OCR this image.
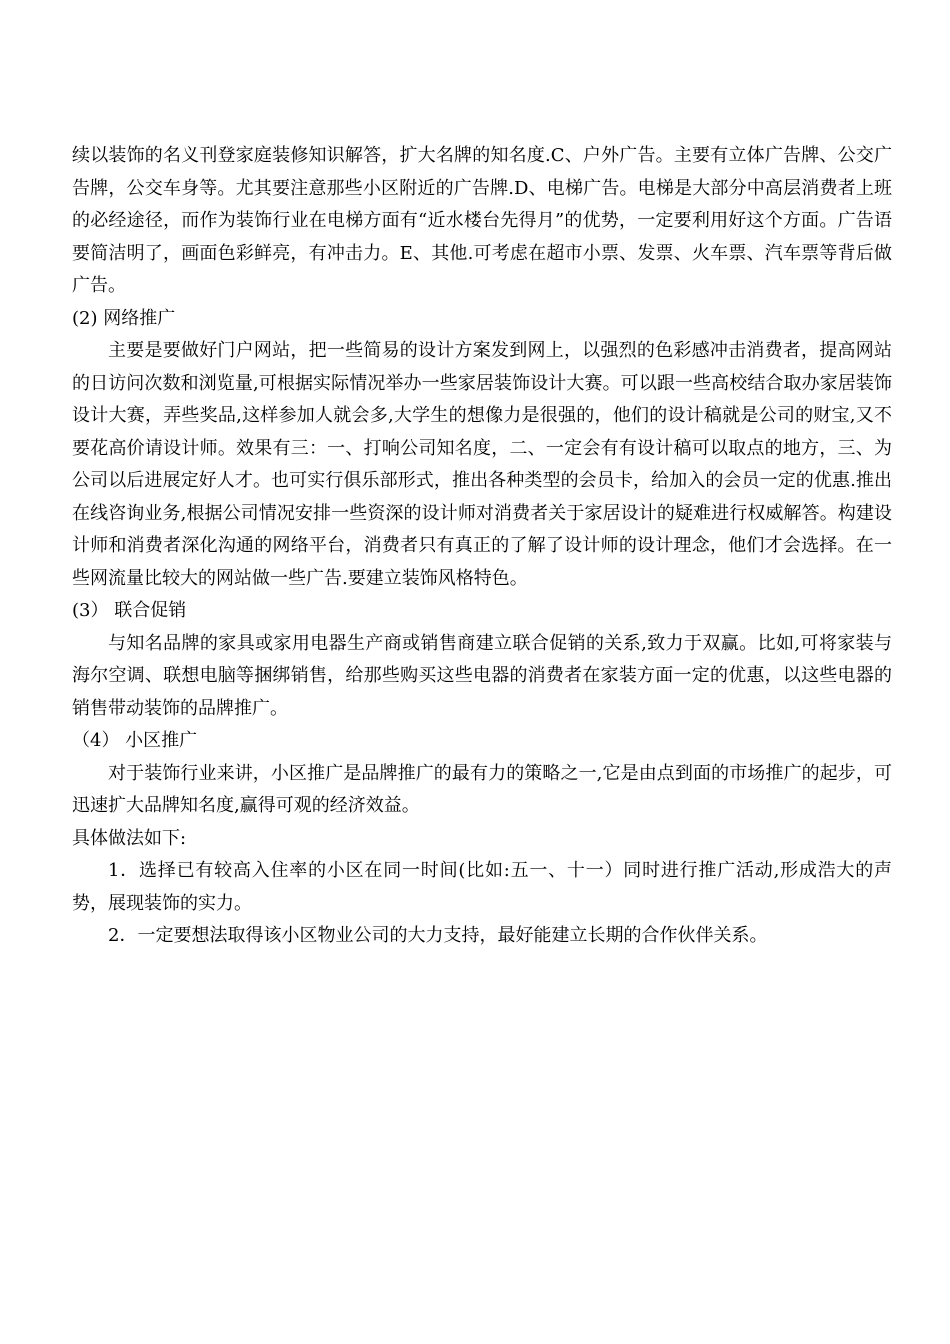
续以装饰的名义刊登家庭装修知识解答，扩大名牌的知名度.C、户外广告。主要有立体广告牌、公交广告牌，公交车身等。尤其要注意那些小区附近的广告牌.D、电梯广告。电梯是大部分中高层消费者上班的必经途径，而作为装饰行业在电梯方面有“近水楼台先得月”的优势，一定要利用好这个方面。广告语要简洁明了，画面色彩鲜亮，有冲击力。E、其他.可考虑在超市小票、发票、火车票、汽车票等背后做广告。

(2) 网络推广

主要是要做好门户网站，把一些简易的设计方案发到网上，以强烈的色彩感冲击消费者，提高网站的日访问次数和浏览量,可根据实际情况举办一些家居装饰设计大赛。可以跟一些高校结合取办家居装饰设计大赛，弄些奖品,这样参加人就会多,大学生的想像力是很强的，他们的设计稿就是公司的财宝,又不要花高价请设计师。效果有三：一、打响公司知名度，二、一定会有有设计稿可以取点的地方，三、为公司以后进展定好人才。也可实行俱乐部形式，推出各种类型的会员卡，给加入的会员一定的优惠.推出在线咨询业务,根据公司情况安排一些资深的设计师对消费者关于家居设计的疑难进行权威解答。构建设计师和消费者深化沟通的网络平台，消费者只有真正的了解了设计师的设计理念，他们才会选择。在一些网流量比较大的网站做一些广告.要建立装饰风格特色。

(3） 联合促销

与知名品牌的家具或家用电器生产商或销售商建立联合促销的关系,致力于双赢。比如,可将家装与海尔空调、联想电脑等捆绑销售，给那些购买这些电器的消费者在家装方面一定的优惠，以这些电器的销售带动装饰的品牌推广。

（4） 小区推广

对于装饰行业来讲，小区推广是品牌推广的最有力的策略之一,它是由点到面的市场推广的起步，可迅速扩大品牌知名度,赢得可观的经济效益。

具体做法如下:

1．选择已有较高入住率的小区在同一时间(比如:五一、十一）同时进行推广活动,形成浩大的声势，展现装饰的实力。

2．一定要想法取得该小区物业公司的大力支持，最好能建立长期的合作伙伴关系。
